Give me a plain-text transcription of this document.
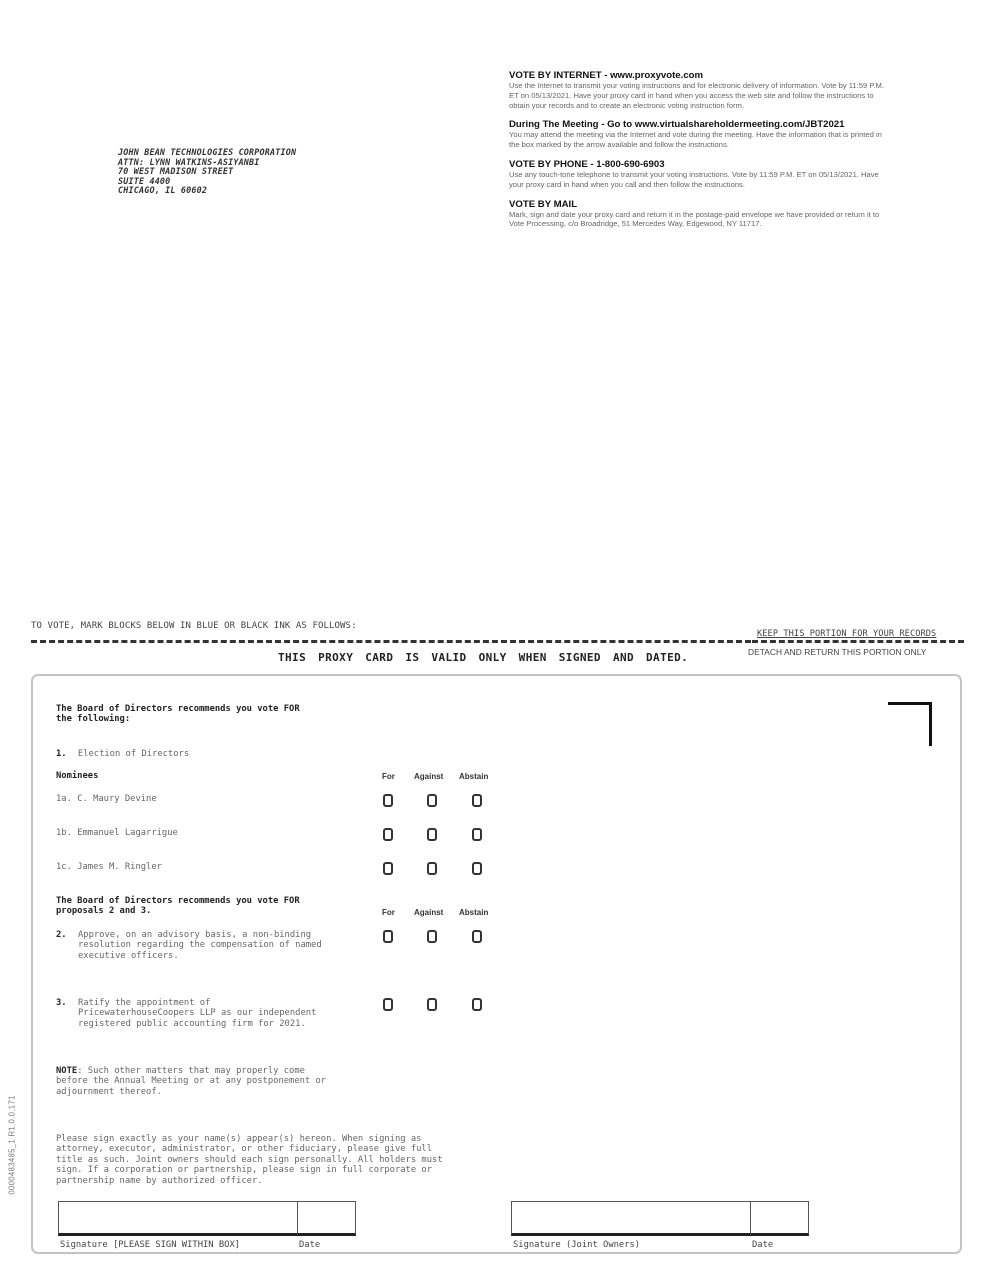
JOHN BEAN TECHNOLOGIES CORPORATION
ATTN: LYNN WATKINS-ASIYANBI
70 WEST MADISON STREET
SUITE 4400
CHICAGO, IL 60602
VOTE BY INTERNET - www.proxyvote.com
Use the Internet to transmit your voting instructions and for electronic delivery of information. Vote by 11:59 P.M. ET on 05/13/2021. Have your proxy card in hand when you access the web site and follow the instructions to obtain your records and to create an electronic voting instruction form.
During The Meeting - Go to www.virtualshareholdermeeting.com/JBT2021
You may attend the meeting via the Internet and vote during the meeting. Have the information that is printed in the box marked by the arrow available and follow the instructions.
VOTE BY PHONE - 1-800-690-6903
Use any touch-tone telephone to transmit your voting instructions. Vote by 11:59 P.M. ET on 05/13/2021. Have your proxy card in hand when you call and then follow the instructions.
VOTE BY MAIL
Mark, sign and date your proxy card and return it in the postage-paid envelope we have provided or return it to Vote Processing, c/o Broadridge, 51 Mercedes Way, Edgewood, NY 11717.
TO VOTE, MARK BLOCKS BELOW IN BLUE OR BLACK INK AS FOLLOWS:
KEEP THIS PORTION FOR YOUR RECORDS
THIS PROXY CARD IS VALID ONLY WHEN SIGNED AND DATED.	DETACH AND RETURN THIS PORTION ONLY
The Board of Directors recommends you vote FOR
the following:
1. Election of Directors
Nominees	For Against Abstain
1a. C. Maury Devine
1b. Emmanuel Lagarrigue
1c. James M. Ringler
The Board of Directors recommends you vote FOR
proposals 2 and 3.	For Against Abstain
2. Approve, on an advisory basis, a non-binding
resolution regarding the compensation of named
executive officers.
3. Ratify the appointment of
PricewaterhouseCoopers LLP as our independent
registered public accounting firm for 2021.
NOTE: Such other matters that may properly come
before the Annual Meeting or at any postponement or
adjournment thereof.
Please sign exactly as your name(s) appear(s) hereon. When signing as
attorney, executor, administrator, or other fiduciary, please give full
title as such. Joint owners should each sign personally. All holders must
sign. If a corporation or partnership, please sign in full corporate or
partnership name by authorized officer.
Signature [PLEASE SIGN WITHIN BOX]	Date	Signature (Joint Owners)	Date
0000483485_1 R1.0.0.171
